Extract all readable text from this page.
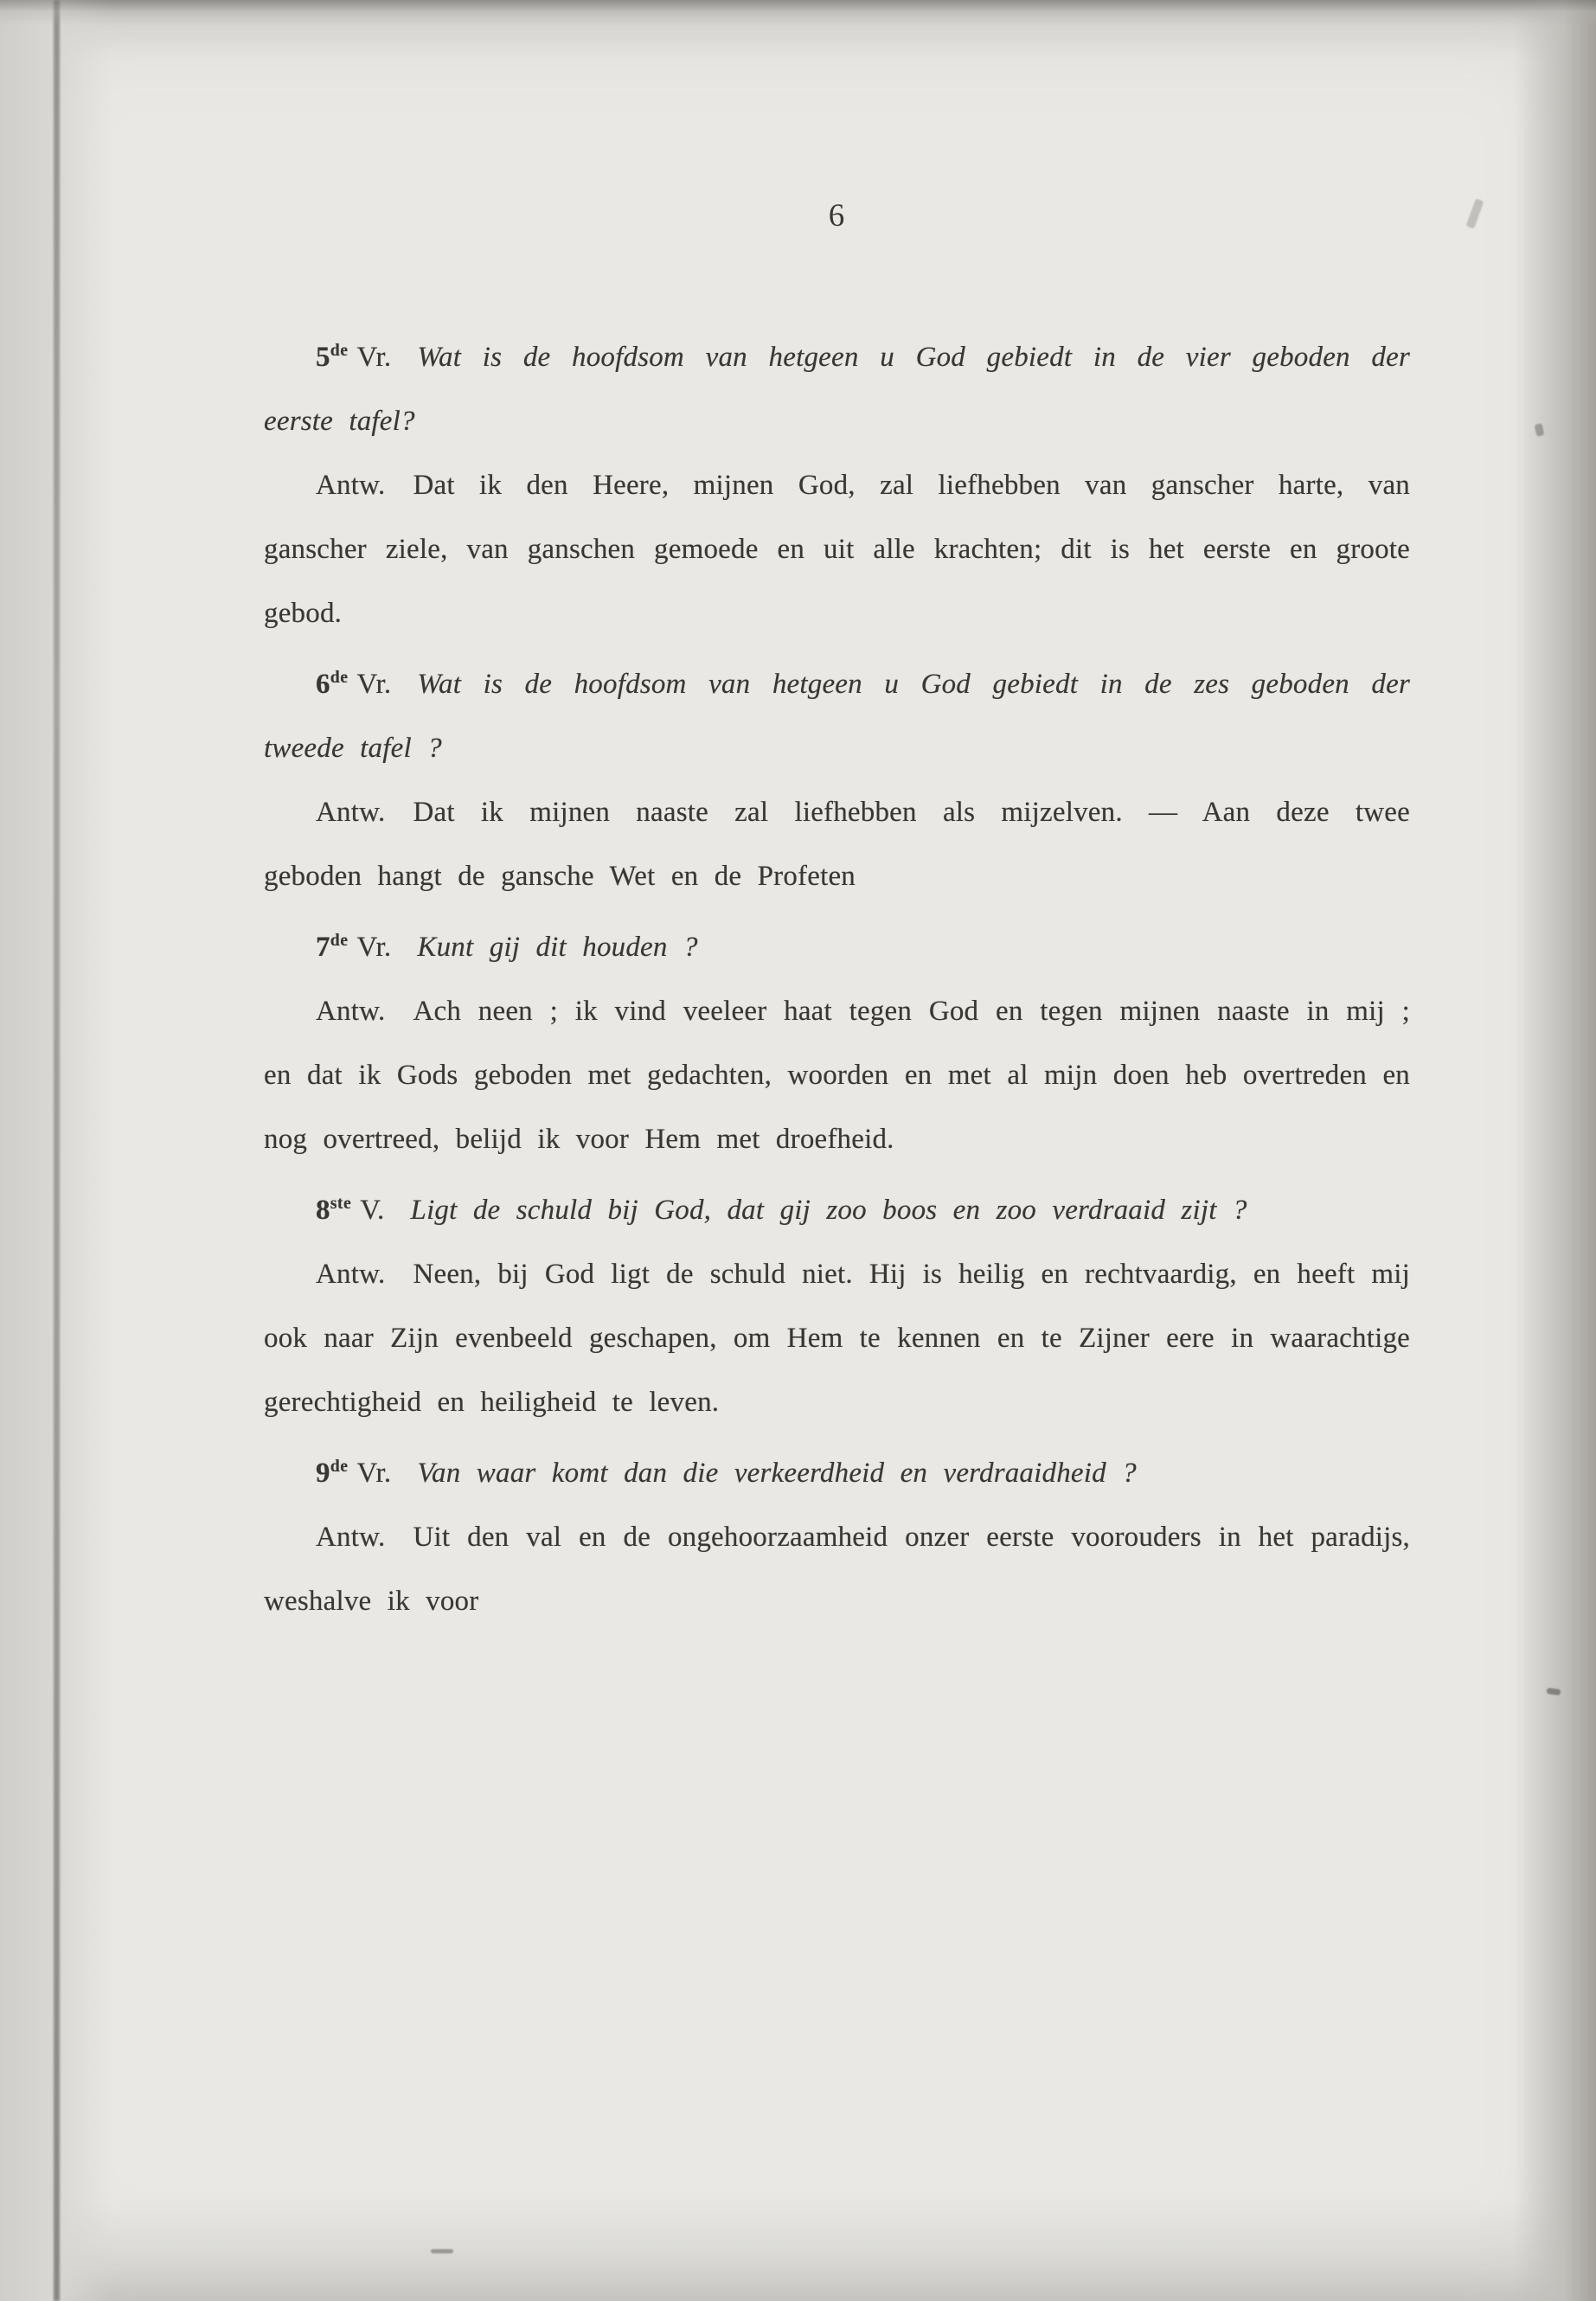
6

5de Vr. Wat is de hoofdsom van hetgeen u God gebiedt in de vier geboden der eerste tafel?

Antw. Dat ik den Heere, mijnen God, zal liefhebben van ganscher harte, van ganscher ziele, van ganschen gemoede en uit alle krachten; dit is het eerste en groote gebod.

6de Vr. Wat is de hoofdsom van hetgeen u God gebiedt in de zes geboden der tweede tafel ?

Antw. Dat ik mijnen naaste zal liefhebben als mijzelven. — Aan deze twee geboden hangt de gansche Wet en de Profeten

7de Vr. Kunt gij dit houden ?

Antw. Ach neen ; ik vind veeleer haat tegen God en tegen mijnen naaste in mij ; en dat ik Gods geboden met gedachten, woorden en met al mijn doen heb overtreden en nog overtreed, belijd ik voor Hem met droefheid.

8ste V. Ligt de schuld bij God, dat gij zoo boos en zoo verdraaid zijt ?

Antw. Neen, bij God ligt de schuld niet. Hij is heilig en rechtvaardig, en heeft mij ook naar Zijn evenbeeld geschapen, om Hem te kennen en te Zijner eere in waarachtige gerechtigheid en heiligheid te leven.

9de Vr. Van waar komt dan die verkeerdheid en verdraaidheid ?

Antw. Uit den val en de ongehoorzaamheid onzer eerste voorouders in het paradijs, weshalve ik voor
